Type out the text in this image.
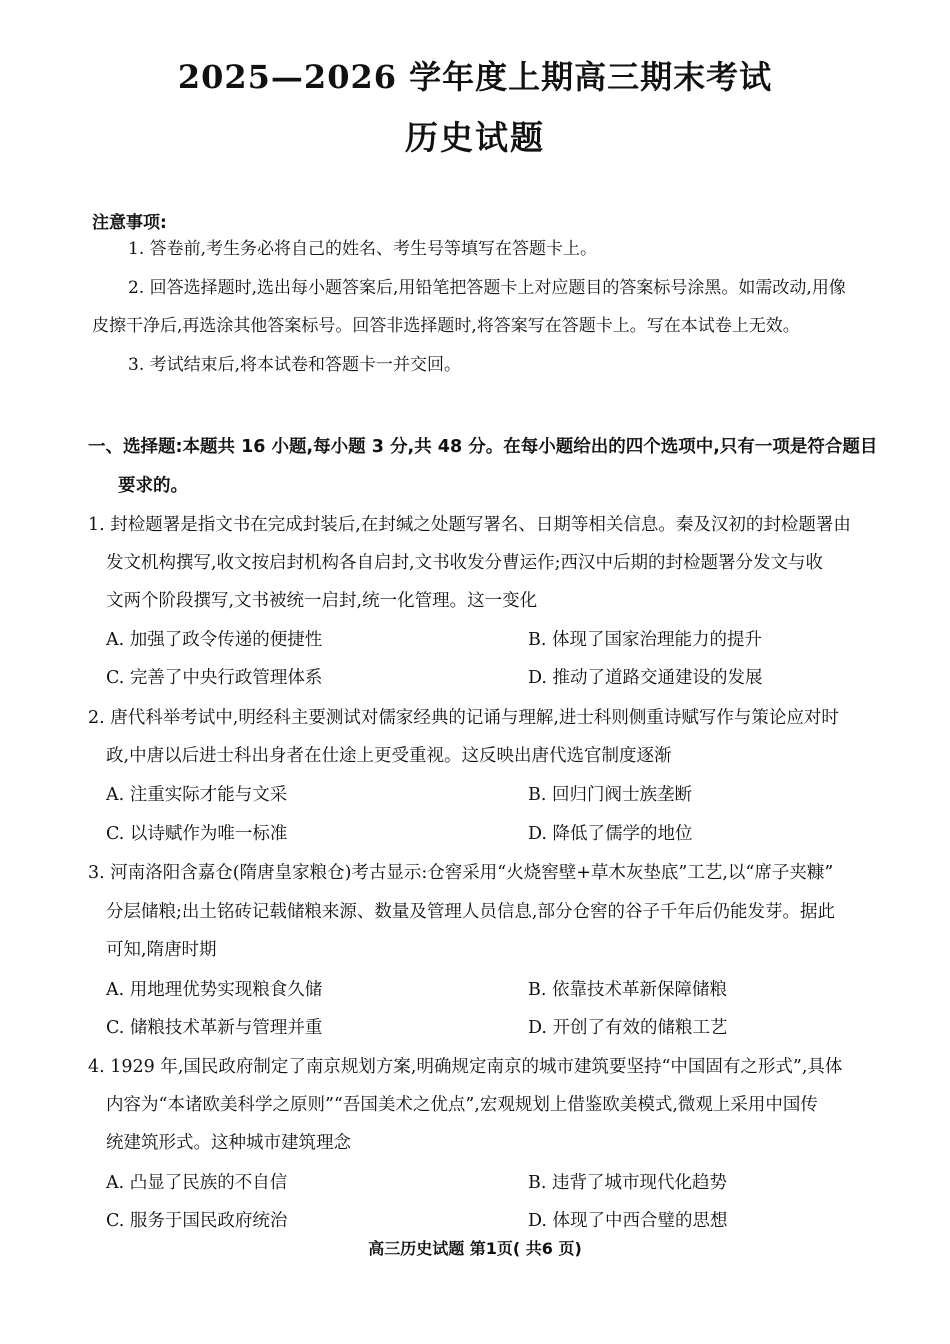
2025—2026 学年度上期高三期末考试
历史试题
注意事项:
1. 答卷前,考生务必将自己的姓名、考生号等填写在答题卡上。
2. 回答选择题时,选出每小题答案后,用铅笔把答题卡上对应题目的答案标号涂黑。如需改动,用像
皮擦干净后,再选涂其他答案标号。回答非选择题时,将答案写在答题卡上。写在本试卷上无效。
3. 考试结束后,将本试卷和答题卡一并交回。
一、选择题:本题共 16 小题,每小题 3 分,共 48 分。在每小题给出的四个选项中,只有一项是符合题目
要求的。
1. 封检题署是指文书在完成封装后,在封缄之处题写署名、日期等相关信息。秦及汉初的封检题署由
发文机构撰写,收文按启封机构各自启封,文书收发分曹运作;西汉中后期的封检题署分发文与收
文两个阶段撰写,文书被统一启封,统一化管理。这一变化
A. 加强了政令传递的便捷性	B. 体现了国家治理能力的提升
C. 完善了中央行政管理体系	D. 推动了道路交通建设的发展
2. 唐代科举考试中,明经科主要测试对儒家经典的记诵与理解,进士科则侧重诗赋写作与策论应对时
政,中唐以后进士科出身者在仕途上更受重视。这反映出唐代选官制度逐渐
A. 注重实际才能与文采	B. 回归门阀士族垄断
C. 以诗赋作为唯一标准	D. 降低了儒学的地位
3. 河南洛阳含嘉仓(隋唐皇家粮仓)考古显示:仓窖采用“火烧窖壁+草木灰垫底”工艺,以“席子夹糠”
分层储粮;出土铭砖记载储粮来源、数量及管理人员信息,部分仓窖的谷子千年后仍能发芽。据此
可知,隋唐时期
A. 用地理优势实现粮食久储	B. 依靠技术革新保障储粮
C. 储粮技术革新与管理并重	D. 开创了有效的储粮工艺
4. 1929 年,国民政府制定了南京规划方案,明确规定南京的城市建筑要坚持“中国固有之形式”,具体
内容为“本诸欧美科学之原则”“吾国美术之优点”,宏观规划上借鉴欧美模式,微观上采用中国传
统建筑形式。这种城市建筑理念
A. 凸显了民族的不自信	B. 违背了城市现代化趋势
C. 服务于国民政府统治	D. 体现了中西合璧的思想
高三历史试题 第1页( 共6 页)
